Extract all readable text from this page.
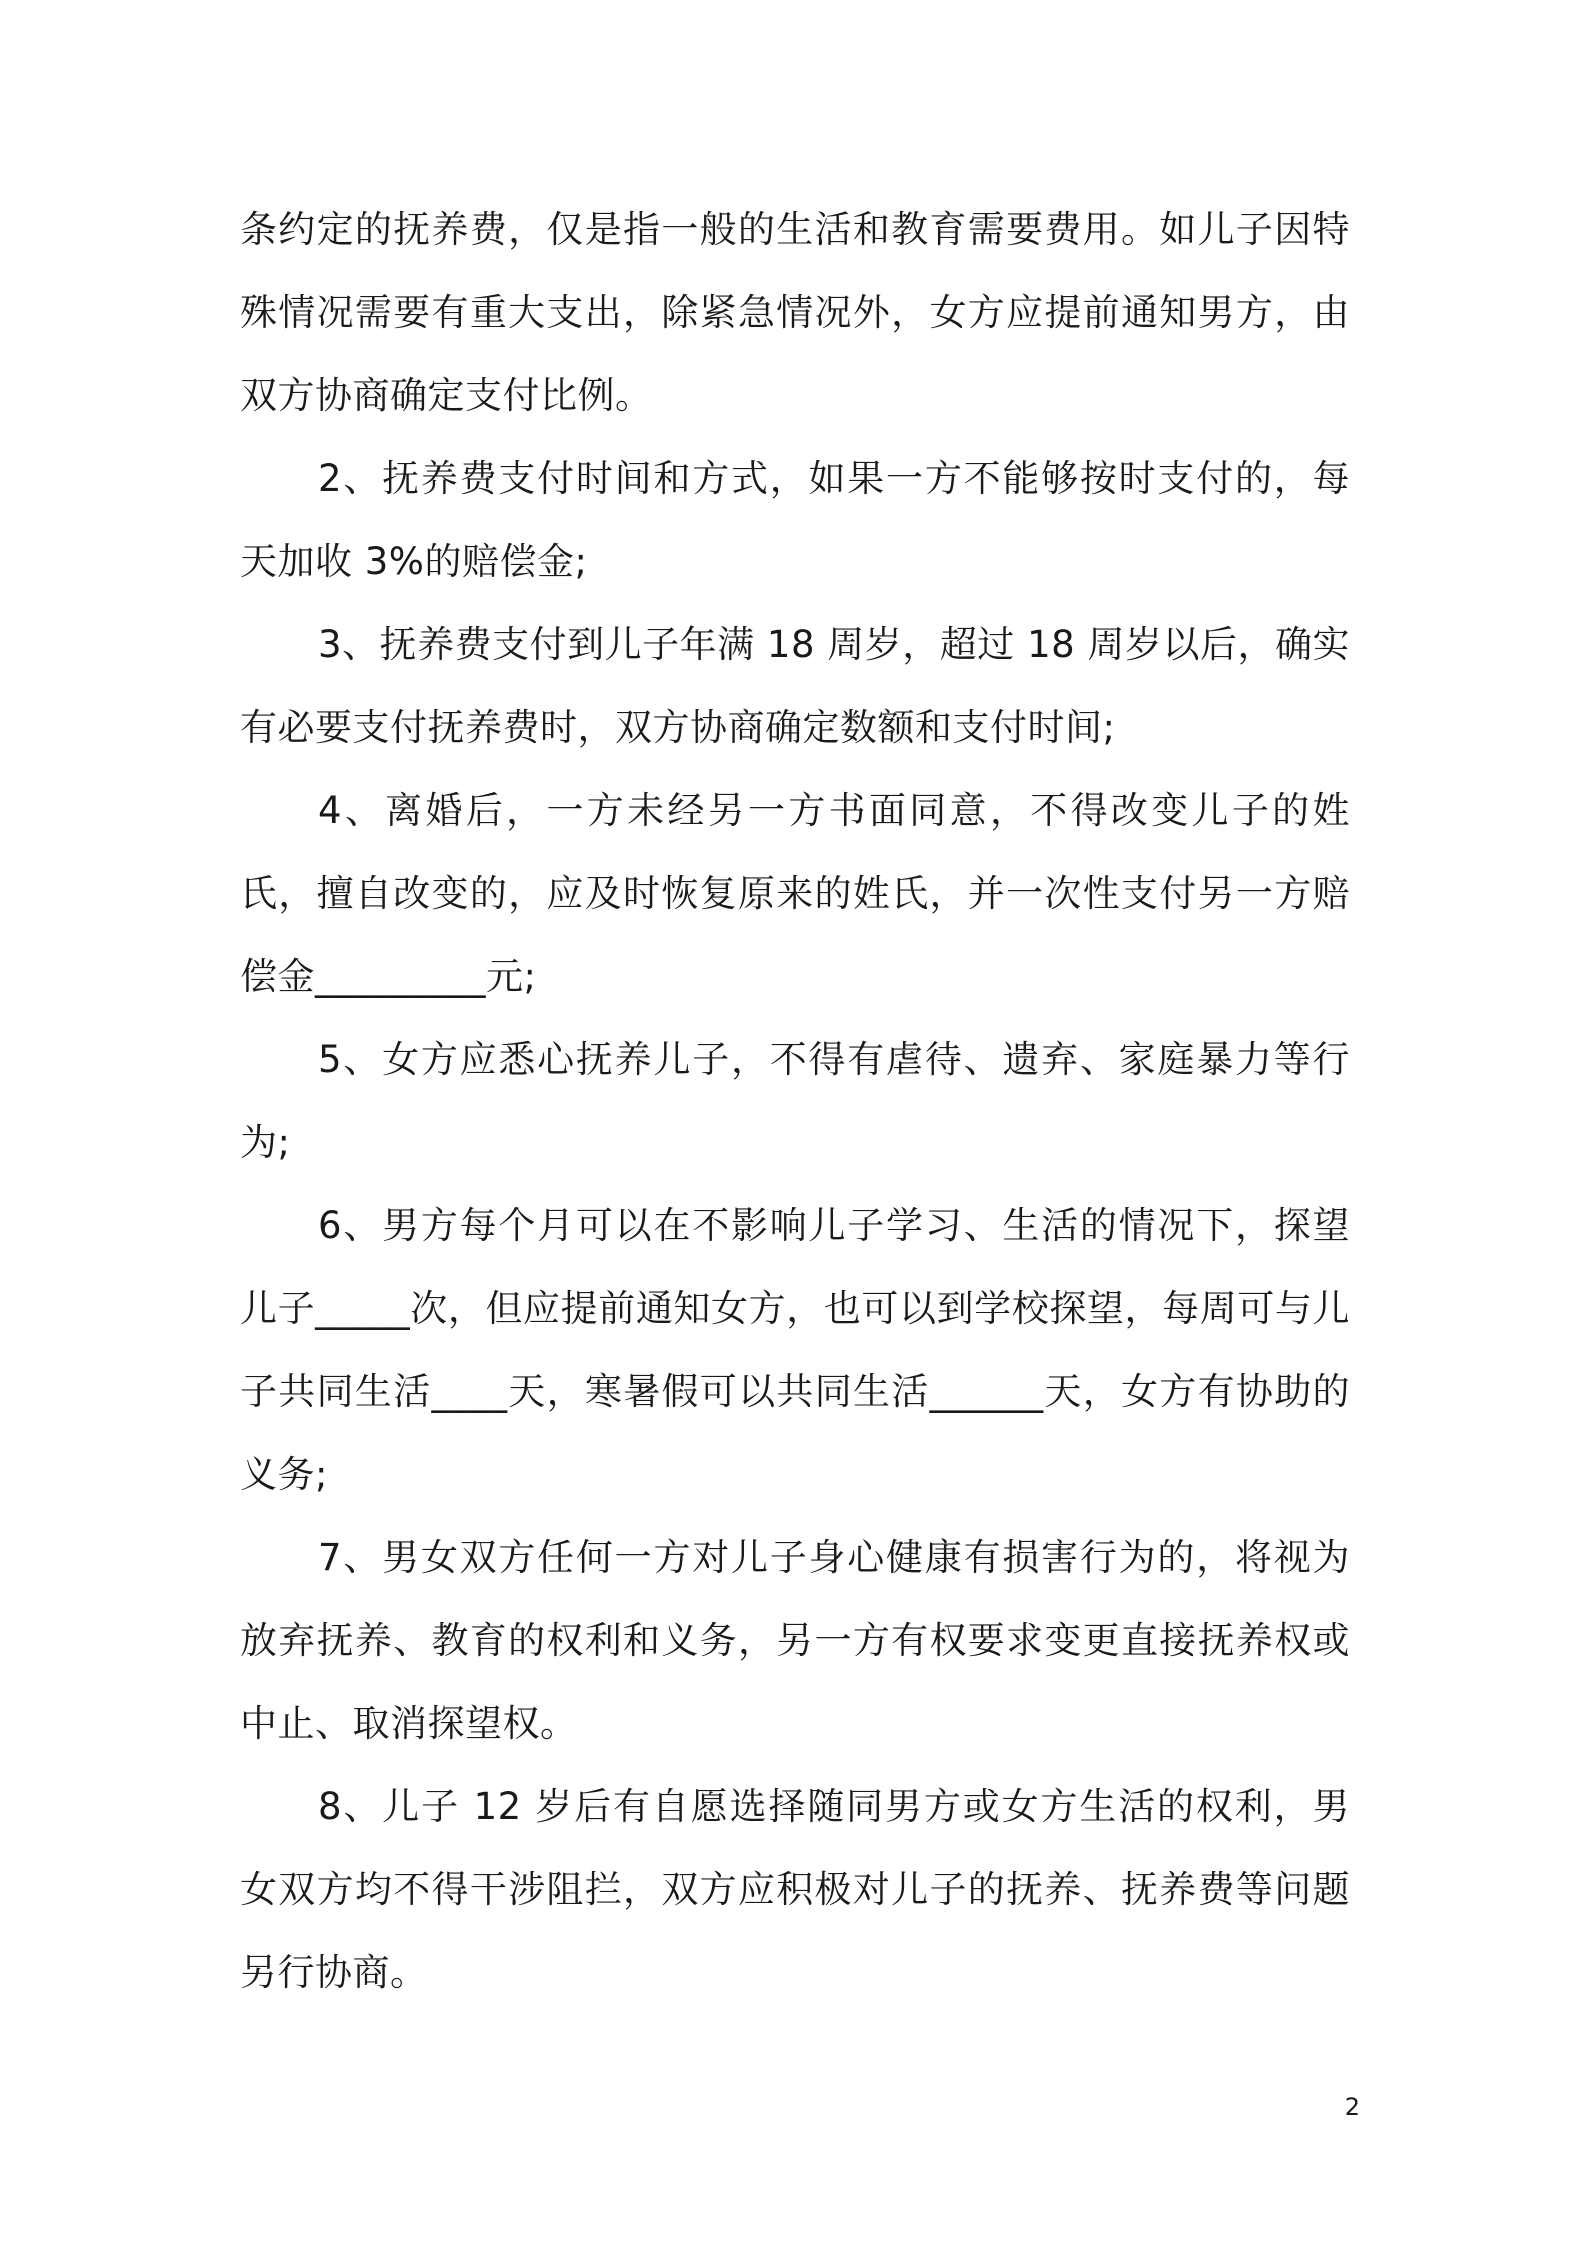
条约定的抚养费，仅是指一般的生活和教育需要费用。如儿子因特殊情况需要有重大支出，除紧急情况外，女方应提前通知男方，由双方协商确定支付比例。

2、抚养费支付时间和方式，如果一方不能够按时支付的，每天加收 3%的赔偿金;

3、抚养费支付到儿子年满 18 周岁，超过 18 周岁以后，确实有必要支付抚养费时，双方协商确定数额和支付时间;

4、离婚后，一方未经另一方书面同意，不得改变儿子的姓氏，擅自改变的，应及时恢复原来的姓氏，并一次性支付另一方赔偿金_________元;

5、女方应悉心抚养儿子，不得有虐待、遗弃、家庭暴力等行为;

6、男方每个月可以在不影响儿子学习、生活的情况下，探望儿子_____次，但应提前通知女方，也可以到学校探望，每周可与儿子共同生活____天，寒暑假可以共同生活______天，女方有协助的义务;

7、男女双方任何一方对儿子身心健康有损害行为的，将视为放弃抚养、教育的权利和义务，另一方有权要求变更直接抚养权或中止、取消探望权。

8、儿子 12 岁后有自愿选择随同男方或女方生活的权利，男女双方均不得干涉阻拦，双方应积极对儿子的抚养、抚养费等问题另行协商。

2
